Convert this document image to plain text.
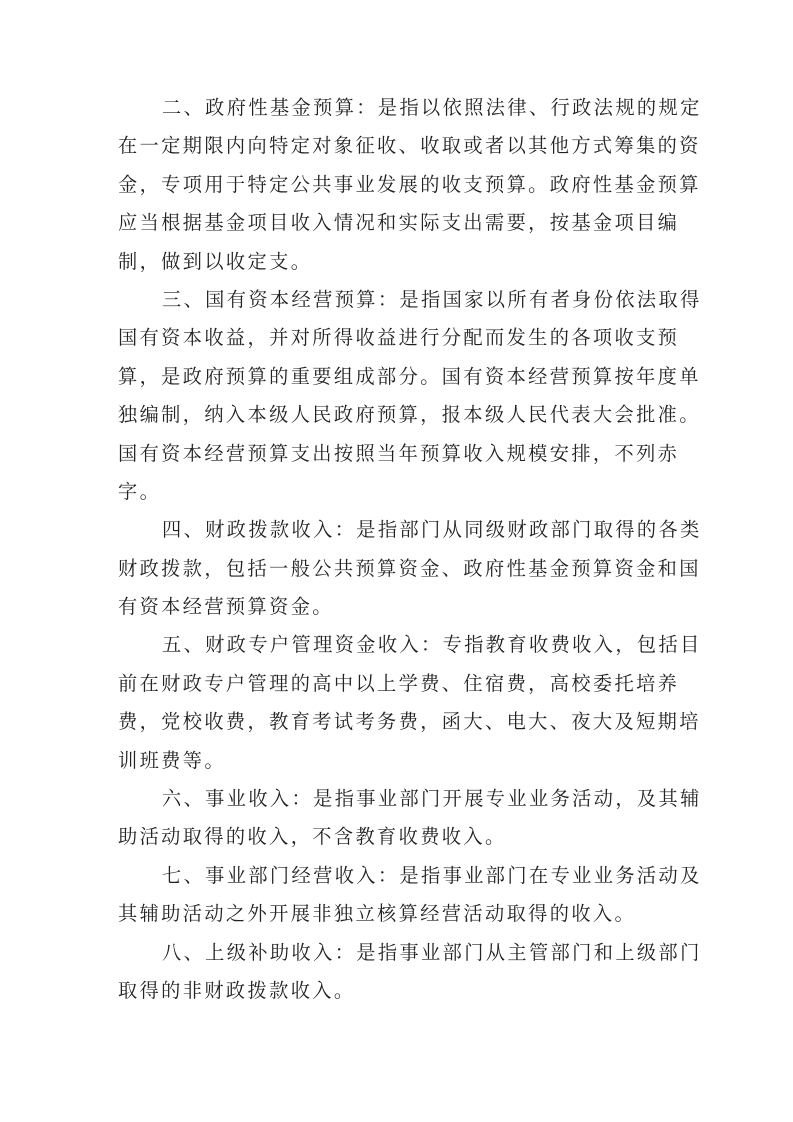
二、政府性基金预算：是指以依照法律、行政法规的规定
在一定期限内向特定对象征收、收取或者以其他方式筹集的资
金，专项用于特定公共事业发展的收支预算。政府性基金预算
应当根据基金项目收入情况和实际支出需要，按基金项目编
制，做到以收定支。
三、国有资本经营预算：是指国家以所有者身份依法取得
国有资本收益，并对所得收益进行分配而发生的各项收支预
算，是政府预算的重要组成部分。国有资本经营预算按年度单
独编制，纳入本级人民政府预算，报本级人民代表大会批准。
国有资本经营预算支出按照当年预算收入规模安排，不列赤
字。
四、财政拨款收入：是指部门从同级财政部门取得的各类
财政拨款，包括一般公共预算资金、政府性基金预算资金和国
有资本经营预算资金。
五、财政专户管理资金收入：专指教育收费收入，包括目
前在财政专户管理的高中以上学费、住宿费，高校委托培养
费，党校收费，教育考试考务费，函大、电大、夜大及短期培
训班费等。
六、事业收入：是指事业部门开展专业业务活动，及其辅
助活动取得的收入，不含教育收费收入。
七、事业部门经营收入：是指事业部门在专业业务活动及
其辅助活动之外开展非独立核算经营活动取得的收入。
八、上级补助收入：是指事业部门从主管部门和上级部门
取得的非财政拨款收入。
